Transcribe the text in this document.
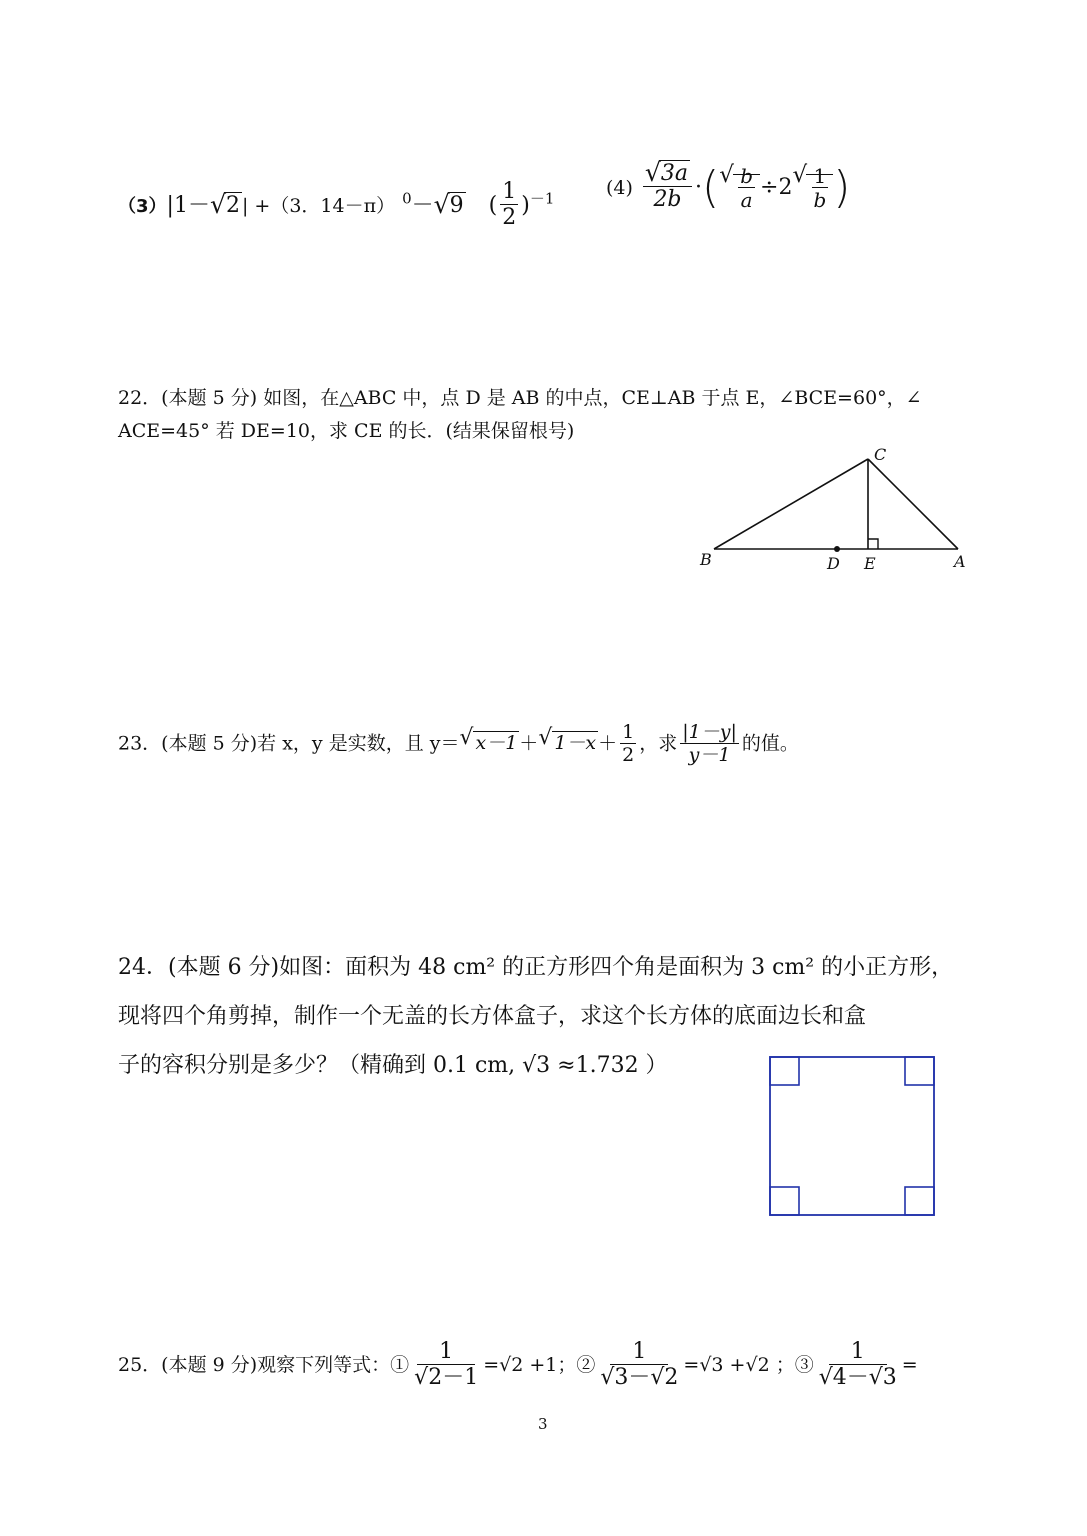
（3）|1－ √ 2 | +（3．14－π） $^0$－ √ 9 ( $\frac{1}{2} )^{-1}$	(4) √ $\frac{3a}{2b}$ ·( √ $\frac{b}{a} \div 2$ √ $\frac{1}{b}$ )
22．(本题 5 分) 如图，在△ABC 中，点 D 是 AB 的中点，CE⊥AB 于点 E，∠BCE=60°，∠
ACE=45° 若 DE=10，求 CE 的长．(结果保留根号)
B	D E	A
C
23．(本题 5 分)若 x，y 是实数，且 y＝ √ x－1 ＋ √ $1-x + \frac{1}{2}$ ，求 $\frac{|1-y|}{y-1}$ 的值。
24．(本题 6 分)如图：面积为 48 cm² 的正方形四个角是面积为 3 cm² 的小正方形，
现将四个角剪掉，制作一个无盖的长方体盒子，求这个长方体的底面边长和盒
子的容积分别是多少？（精确到 0.1 cm, √3 ≈1.732 ）
25．(本题 9 分)观察下列等式：① $\frac{1}{√2-1} =√2 +1$；② $\frac{1}{√3-√2} =√3 +√2$ ；③ $\frac{1}{√4-√3}$ =
3
